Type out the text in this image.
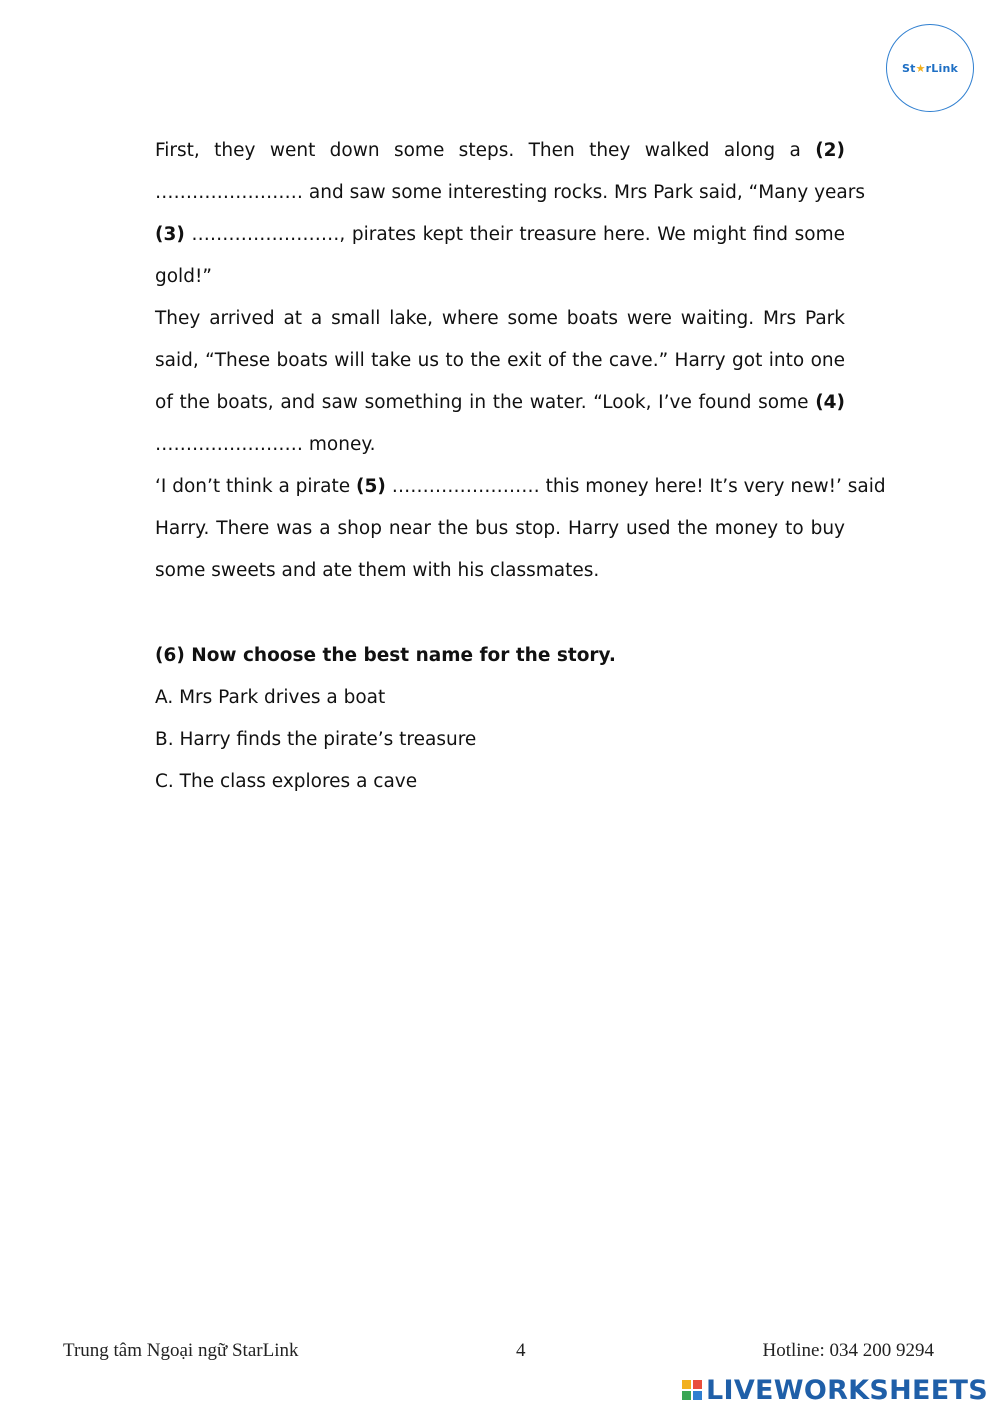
St ★ rLink
First, they went down some steps. Then they walked along a (2)
…………………… and saw some interesting rocks. Mrs Park said, “Many years
(3) ……………………, pirates kept their treasure here. We might find some
gold!”
They arrived at a small lake, where some boats were waiting. Mrs Park
said, “These boats will take us to the exit of the cave.” Harry got into one
of the boats, and saw something in the water. “Look, I’ve found some (4)
…………………… money.
‘I don’t think a pirate (5) …………………… this money here! It’s very new!’ said
Harry. There was a shop near the bus stop. Harry used the money to buy
some sweets and ate them with his classmates.
(6) Now choose the best name for the story.
A. Mrs Park drives a boat
B. Harry finds the pirate’s treasure
C. The class explores a cave
Trung tâm Ngoại ngữ StarLink	4	Hotline: 034 200 9294
LIVEWORKSHEETS
